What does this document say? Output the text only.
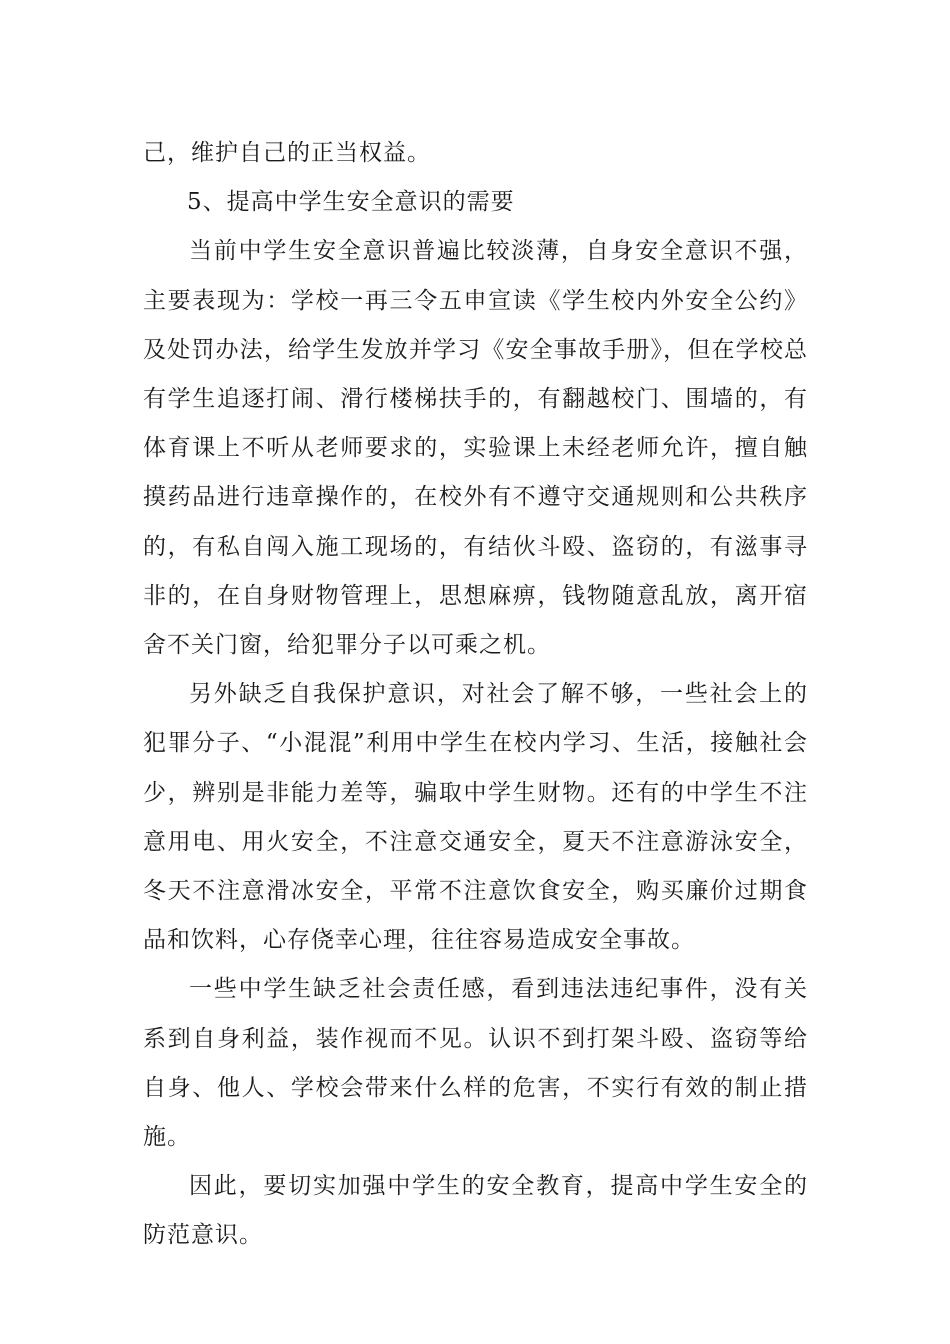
己，维护自己的正当权益。

5、提高中学生安全意识的需要

当前中学生安全意识普遍比较淡薄，自身安全意识不强，主要表现为：学校一再三令五申宣读《学生校内外安全公约》及处罚办法，给学生发放并学习《安全事故手册》，但在学校总有学生追逐打闹、滑行楼梯扶手的，有翻越校门、围墙的，有体育课上不听从老师要求的，实验课上未经老师允许，擅自触摸药品进行违章操作的，在校外有不遵守交通规则和公共秩序的，有私自闯入施工现场的，有结伙斗殴、盗窃的，有滋事寻非的，在自身财物管理上，思想麻痹，钱物随意乱放，离开宿舍不关门窗，给犯罪分子以可乘之机。

另外缺乏自我保护意识，对社会了解不够，一些社会上的犯罪分子、“小混混”利用中学生在校内学习、生活，接触社会少，辨别是非能力差等，骗取中学生财物。还有的中学生不注意用电、用火安全，不注意交通安全，夏天不注意游泳安全，冬天不注意滑冰安全，平常不注意饮食安全，购买廉价过期食品和饮料，心存侥幸心理，往往容易造成安全事故。

一些中学生缺乏社会责任感，看到违法违纪事件，没有关系到自身利益，装作视而不见。认识不到打架斗殴、盗窃等给自身、他人、学校会带来什么样的危害，不实行有效的制止措施。

因此，要切实加强中学生的安全教育，提高中学生安全的防范意识。
